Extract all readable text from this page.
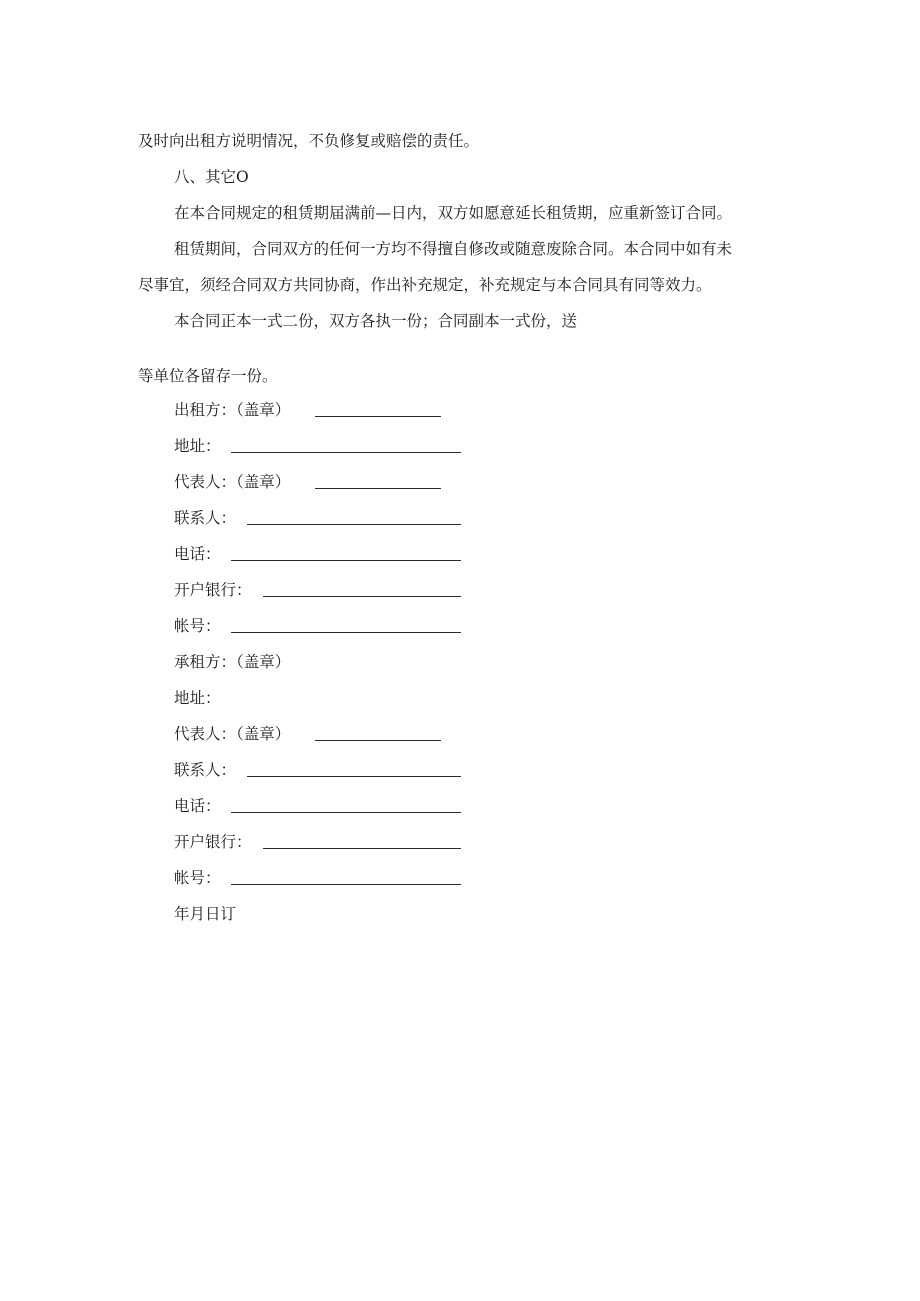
及时向出租方说明情况，不负修复或赔偿的责任。
八、其它O
在本合同规定的租赁期届满前—日内，双方如愿意延长租赁期，应重新签订合同。
租赁期间，合同双方的任何一方均不得擅自修改或随意废除合同。本合同中如有未
尽事宜，须经合同双方共同协商，作出补充规定，补充规定与本合同具有同等效力。
本合同正本一式二份，双方各执一份；合同副本一式份，送
等单位各留存一份。
出租方：（盖章）
地址：
代表人：（盖章）
联系人：
电话：
开户银行：
帐号：
承租方：（盖章）
地址：
代表人：（盖章）
联系人：
电话：
开户银行：
帐号：
年月日订
